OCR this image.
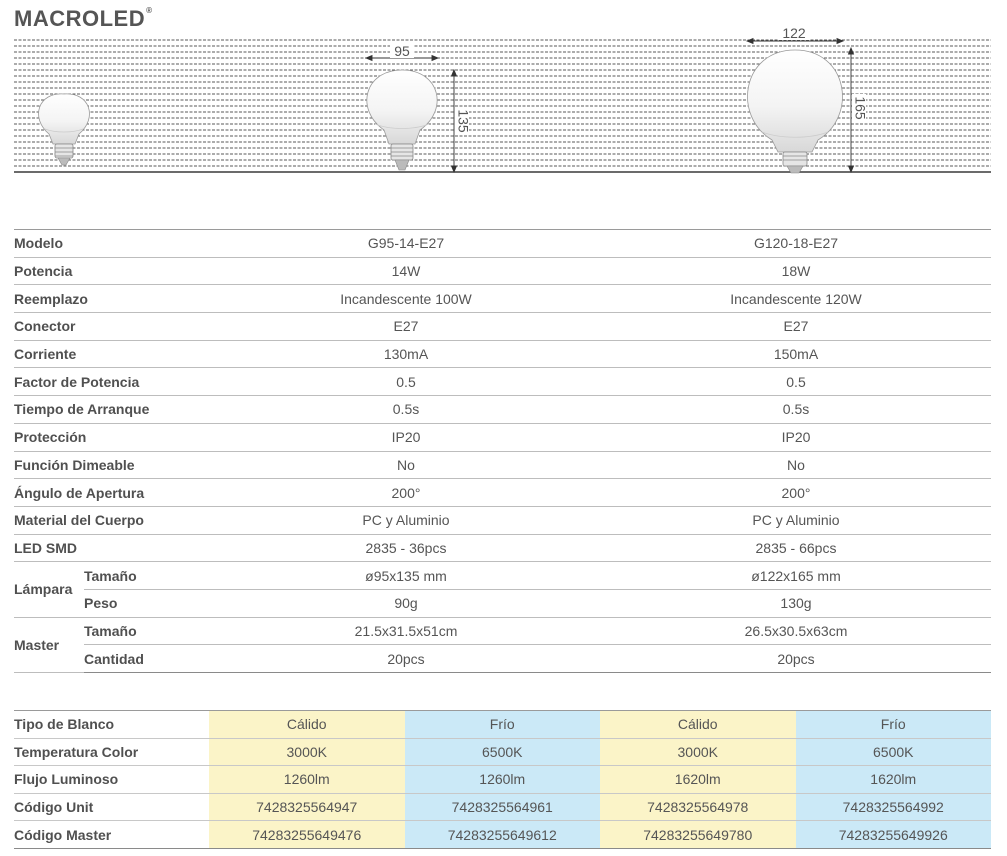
MACROLED®
95
135
122
165
Modelo		G95-14-E27	G120-18-E27
Potencia		14W	18W
Reemplazo		Incandescente 100W	Incandescente 120W
Conector		E27	E27
Corriente		130mA	150mA
Factor de Potencia		0.5	0.5
Tiempo de Arranque		0.5s	0.5s
Protección		IP20	IP20
Función Dimeable		No	No
Ángulo de Apertura		200°	200°
Material del Cuerpo		PC y Aluminio	PC y Aluminio
LED SMD		2835 - 36pcs	2835 - 66pcs
Lámpara	Tamaño	ø95x135 mm	ø122x165 mm
	Peso	90g	130g
Master	Tamaño	21.5x31.5x51cm	26.5x30.5x63cm
	Cantidad	20pcs	20pcs
Tipo de Blanco	Cálido	Frío	Cálido	Frío
Temperatura Color	3000K	6500K	3000K	6500K
Flujo Luminoso	1260lm	1260lm	1620lm	1620lm
Código Unit	7428325564947	7428325564961	7428325564978	7428325564992
Código Master	74283255649476	74283255649612	74283255649780	74283255649926
